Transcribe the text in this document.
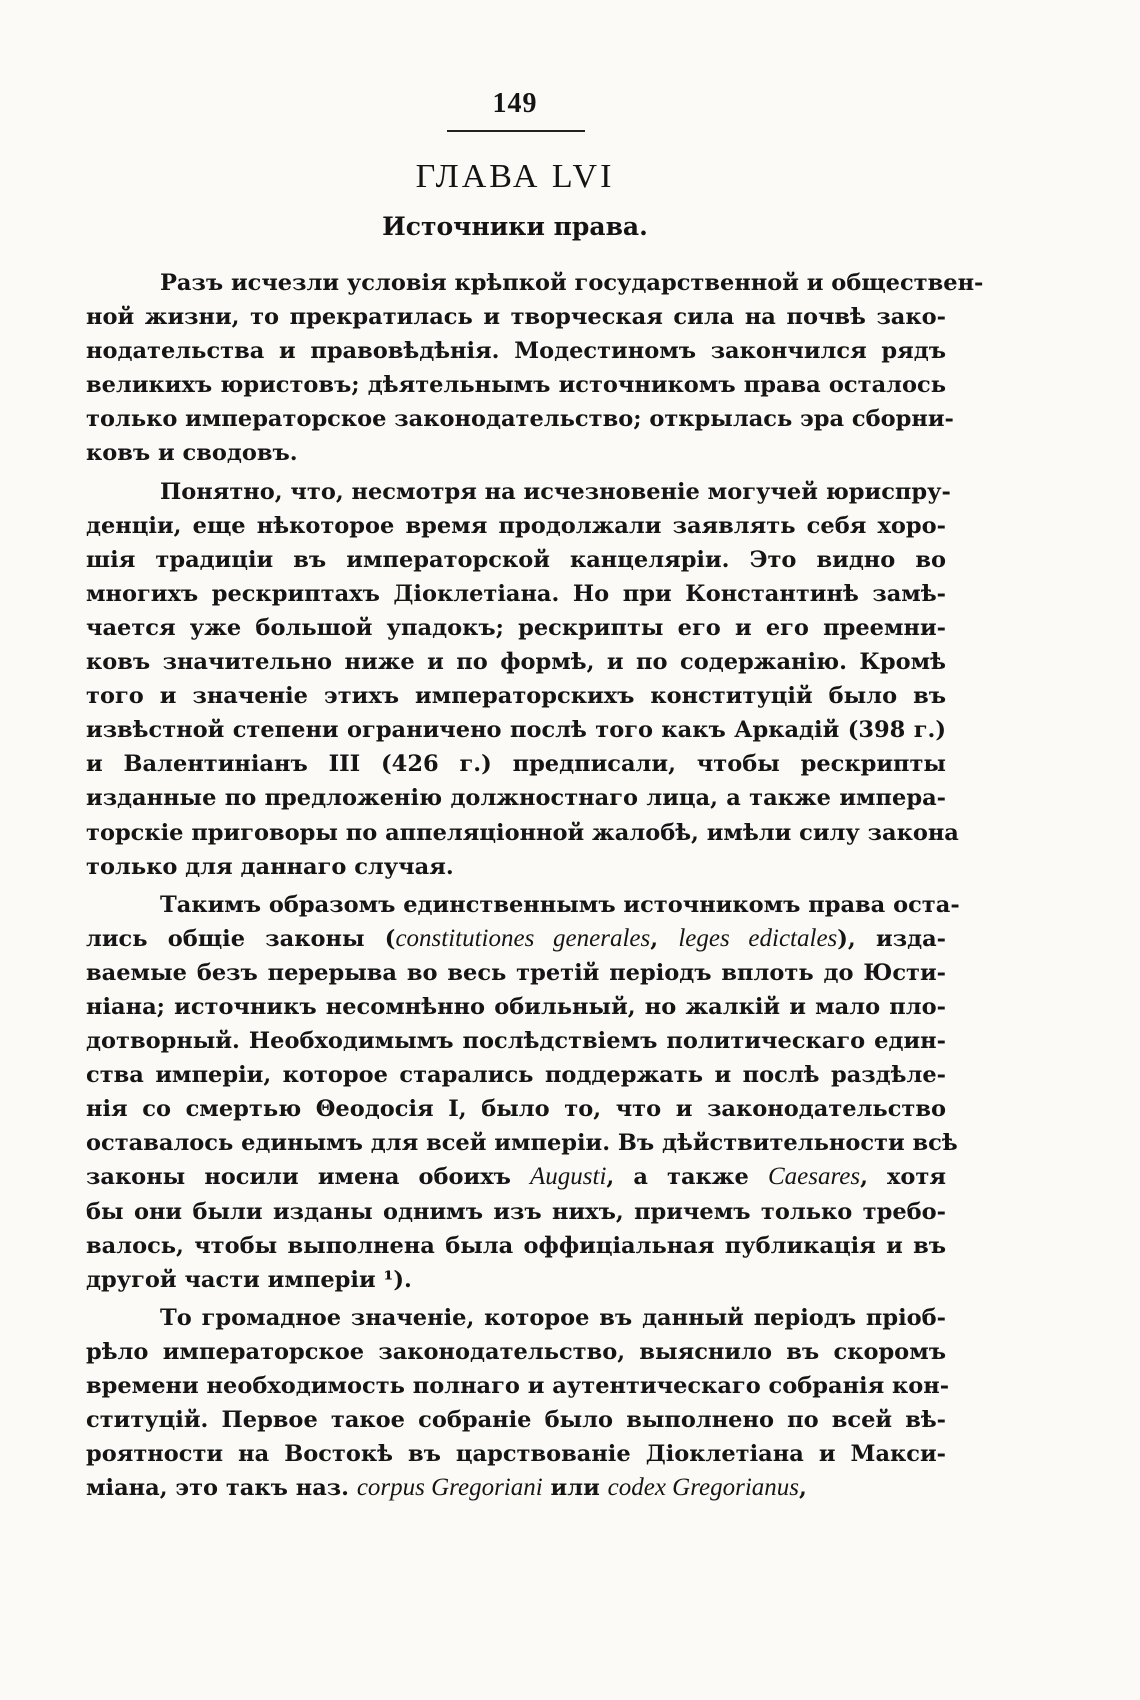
149
ГЛАВА LVI
Источники права.
Разъ исчезли условія крѣпкой государственной и обществен-
ной жизни, то прекратилась и творческая сила на почвѣ зако-
нодательства и правовѣдѣнія. Модестиномъ закончился рядъ
великихъ юристовъ; дѣятельнымъ источникомъ права осталось
только императорское законодательство; открылась эра сборни-
ковъ и сводовъ.
Понятно, что, несмотря на исчезновеніе могучей юриспру-
денціи, еще нѣкоторое время продолжали заявлять себя хоро-
шія традиціи въ императорской канцеляріи. Это видно во
многихъ рескриптахъ Діоклетіана. Но при Константинѣ замѣ-
чается уже большой упадокъ; рескрипты его и его преемни-
ковъ значительно ниже и по формѣ, и по содержанію. Кромѣ
того и значеніе этихъ императорскихъ конституцій было въ
извѣстной степени ограничено послѣ того какъ Аркадій (398 г.)
и Валентиніанъ III (426 г.) предписали, чтобы рескрипты
изданные по предложенію должностнаго лица, а также импера-
торскіе приговоры по аппеляціонной жалобѣ, имѣли силу закона
только для даннаго случая.
Такимъ образомъ единственнымъ источникомъ права оста-
лись общіе законы (constitutiones generales, leges edictales), изда-
ваемые безъ перерыва во весь третій періодъ вплоть до Юсти-
ніана; источникъ несомнѣнно обильный, но жалкій и мало пло-
дотворный. Необходимымъ послѣдствіемъ политическаго един-
ства имперіи, которое старались поддержать и послѣ раздѣле-
нія со смертью Θеодосія I, было то, что и законодательство
оставалось единымъ для всей имперіи. Въ дѣйствительности всѣ
законы носили имена обоихъ Augusti, а также Caesares, хотя
бы они были изданы однимъ изъ нихъ, причемъ только требо-
валось, чтобы выполнена была оффиціальная публикація и въ
другой части имперіи ¹).
То громадное значеніе, которое въ данный періодъ пріоб-
рѣло императорское законодательство, выяснило въ скоромъ
времени необходимость полнаго и аутентическаго собранія кон-
ституцій. Первое такое собраніе было выполнено по всей вѣ-
роятности на Востокѣ въ царствованіе Діоклетіана и Макси-
міана, это такъ наз. corpus Gregoriani или codex Gregorianus,
